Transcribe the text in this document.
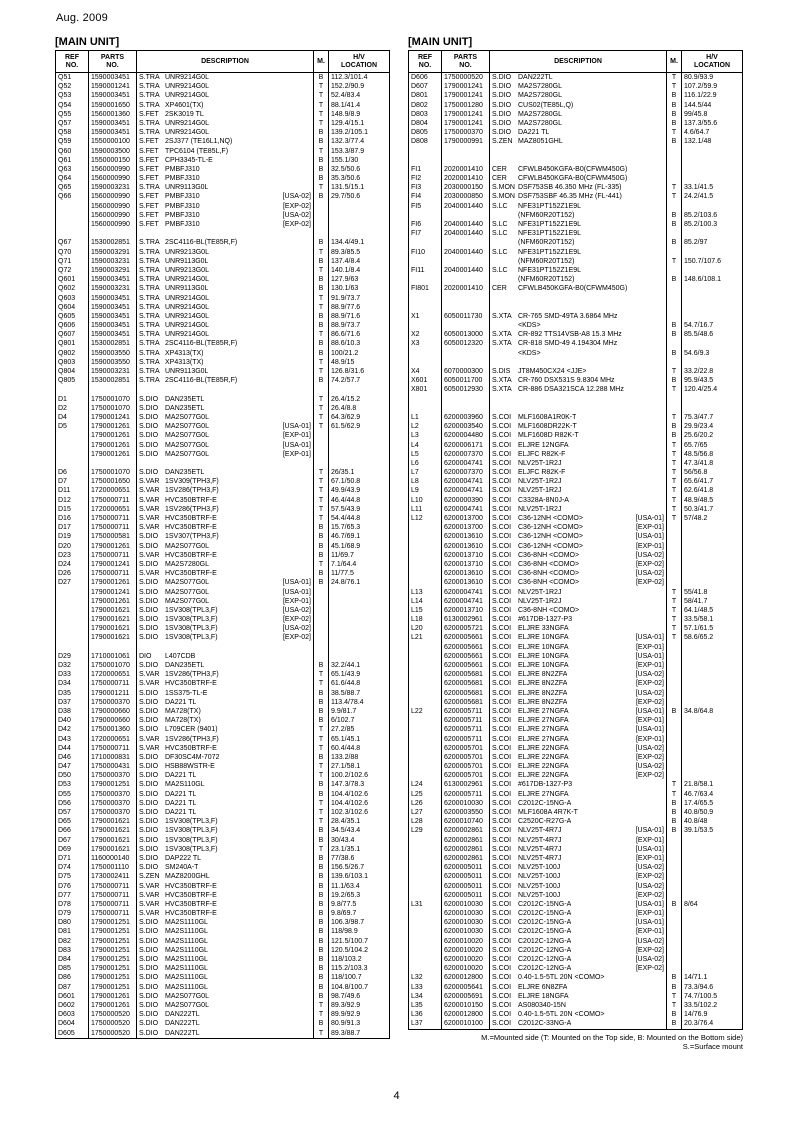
Aug. 2009
[MAIN UNIT]
REF
NO.
PARTS
NO.
DESCRIPTION	M.
H/V
LOCATION
Q51	1590003451	S.TRA UNR9214G0L	B	112.3/101.4
Q52	1590001241	S.TRA UNR9214G0L	T	152.2/90.9
Q53	1590003451	S.TRA UNR9214G0L	T	52.4/83.4
Q54	1590001650	S.TRA XP4601(TX)	T	88.1/41.4
Q55	1560001360	S.FET 2SK3019 TL	T	148.9/8.9
Q57	1590003451	S.TRA UNR9214G0L	T	129.4/15.1
Q58	1590003451	S.TRA UNR9214G0L	B	139.2/105.1
Q59	1550000100	S.FET 2SJ377 (TE16L1,NQ)	B	132.3/77.4
Q60	1590003500	S.FET TPC6104 (TE85L,F)	T	153.3/87.9
Q61	1550000150	S.FET CPH3345-TL-E	B	155.1/30
Q63	1560000990	S.FET PMBFJ310	B	32.5/50.6
Q64	1560000990	S.FET PMBFJ310	B	35.3/50.6
Q65	1590003231	S.TRA UNR9113G0L	T	131.5/15.1
Q66	1560000990	S.FET PMBFJ310	[USA-02]	B	29.7/50.6
1560000990	S.FET PMBFJ310	[EXP-02]
1560000990	S.FET PMBFJ310	[USA-02]
1560000990	S.FET PMBFJ310	[EXP-02]
Q67	1530002851	S.TRA 2SC4116-BL(TE85R,F)	B	134.4/49.1
Q70	1590003291	S.TRA UNR9213G0L	T	89.3/85.5
Q71	1590003231	S.TRA UNR9113G0L	B	137.4/8.4
Q72	1590003291	S.TRA UNR9213G0L	T	140.1/8.4
Q601	1590003451	S.TRA UNR9214G0L	B	127.9/63
Q602	1590003231	S.TRA UNR9113G0L	B	130.1/63
Q603	1590003451	S.TRA UNR9214G0L	T	91.9/73.7
Q604	1590003451	S.TRA UNR9214G0L	T	88.9/77.6
Q605	1590003451	S.TRA UNR9214G0L	B	88.9/71.6
Q606	1590003451	S.TRA UNR9214G0L	B	88.9/73.7
Q607	1590003451	S.TRA UNR9214G0L	T	86.6/71.6
Q801	1530002851	S.TRA 2SC4116-BL(TE85R,F)	B	88.6/10.3
Q802	1590003550	S.TRA XP4313(TX)	B	100/21.2
Q803	1590003550	S.TRA XP4313(TX)	T	48.9/15
Q804	1590003231	S.TRA UNR9113G0L	T	126.8/31.6
Q805	1530002851	S.TRA 2SC4116-BL(TE85R,F)	B	74.2/57.7
D1	1750001070	S.DIO DAN235ETL	T	26.4/15.2
D2	1750001070	S.DIO DAN235ETL	T	26.4/8.8
D4	1790001241	S.DIO MA2S077G0L	T	64.3/62.9
D5	1790001261	S.DIO MA2S077G0L	[USA-01]	T	61.5/62.9
1790001261	S.DIO MA2S077G0L	[EXP-01]
1790001261	S.DIO MA2S077G0L	[USA-01]
1790001261	S.DIO MA2S077G0L	[EXP-01]
D6	1750001070	S.DIO DAN235ETL	T	26/35.1
D7	1750001650	S.VAR 1SV309(TPH3,F)	T	67.1/50.8
D11	1720000651	S.VAR 1SV286(TPH3,F)	T	49.9/43.9
D12	1750000711	S.VAR HVC350BTRF-E	T	46.4/44.8
D15	1720000651	S.VAR 1SV286(TPH3,F)	T	57.5/43.9
D16	1750000711	S.VAR HVC350BTRF-E	T	54.4/44.8
D17	1750000711	S.VAR HVC350BTRF-E	B	15.7/65.3
D19	1750000581	S.DIO 1SV307(TPH3,F)	B	46.7/69.1
D20	1790001261	S.DIO MA2S077G0L	B	45.1/68.9
D23	1750000711	S.VAR HVC350BTRF-E	B	11/69.7
D24	1790001241	S.DIO MA2S7280GL	T	7.1/64.4
D26	1750000711	S.VAR HVC350BTRF-E	B	11/77.5
D27	1790001261	S.DIO MA2S077G0L	[USA-01]	B	24.8/76.1
1790001241	S.DIO MA2S077G0L	[USA-01]
1790001261	S.DIO MA2S077G0L	[EXP-01]
1790001621	S.DIO 1SV308(TPL3,F)	[USA-02]
1790001621	S.DIO 1SV308(TPL3,F)	[EXP-02]
1790001621	S.DIO 1SV308(TPL3,F)	[USA-02]
1790001621	S.DIO 1SV308(TPL3,F)	[EXP-02]
D29	1710001061	DIO	L407CDB
D32	1750001070	S.DIO DAN235ETL	B	32.2/44.1
D33	1720000651	S.VAR 1SV286(TPH3,F)	T	65.1/43.9
D34	1750000711	S.VAR HVC350BTRF-E	T	61.6/44.8
D35	1790001211	S.DIO 1SS375-TL-E	B	38.5/88.7
D37	1750000370	S.DIO DA221 TL	B	113.4/78.4
D38	1790000660	S.DIO MA728(TX)	B	9.9/81.7
D40	1790000660	S.DIO MA728(TX)	B	6/102.7
D42	1750001360	S.DIO L709CER (9401)	T	27.2/85
D43	1720000651	S.VAR 1SV286(TPH3,F)	T	65.1/45.1
D44	1750000711	S.VAR HVC350BTRF-E	T	60.4/44.8
D46	1710000831	S.DIO DF30SC4M-7072	B	133.2/88
D47	1750000431	S.DIO HSB88WSTR-E	T	27.1/58.1
D50	1750000370	S.DIO DA221 TL	T	100.2/102.6
D53	1790001251	S.DIO MA2S110GL	B	147.3/78.3
D55	1750000370	S.DIO DA221 TL	B	104.4/102.6
D56	1750000370	S.DIO DA221 TL	T	104.4/102.6
D57	1750000370	S.DIO DA221 TL	T	102.3/102.6
D65	1790001621	S.DIO 1SV308(TPL3,F)	T	28.4/35.1
D66	1790001621	S.DIO 1SV308(TPL3,F)	B	34.5/43.4
D67	1790001621	S.DIO 1SV308(TPL3,F)	B	30/43.4
D69	1790001621	S.DIO 1SV308(TPL3,F)	T	23.1/35.1
D71	1160000140	S.DIO DAP222 TL	B	77/38.6
D74	1750001110	S.DIO SM240A-T	B	156.5/26.7
D75	1730002411	S.ZEN MAZ8200GHL	B	139.6/103.1
D76	1750000711	S.VAR HVC350BTRF-E	B	11.1/63.4
D77	1750000711	S.VAR HVC350BTRF-E	B	19.2/65.3
D78	1750000711	S.VAR HVC350BTRF-E	B	9.8/77.5
D79	1750000711	S.VAR HVC350BTRF-E	B	9.8/69.7
D80	1790001251	S.DIO MA2S1110GL	B	106.3/98.7
D81	1790001251	S.DIO MA2S1110GL	B	118/98.9
D82	1790001251	S.DIO MA2S1110GL	B	121.5/100.7
D83	1790001251	S.DIO MA2S1110GL	B	120.5/104.2
D84	1790001251	S.DIO MA2S1110GL	B	118/103.2
D85	1790001251	S.DIO MA2S1110GL	B	115.2/103.3
D86	1790001251	S.DIO MA2S1110GL	B	118/100.7
D87	1790001251	S.DIO MA2S1110GL	B	104.8/100.7
D601	1790001261	S.DIO MA2S077G0L	B	98.7/49.6
D602	1790001261	S.DIO MA2S077G0L	T	89.3/92.9
D603	1750000520	S.DIO DAN222TL	T	89.9/92.9
D604	1750000520	S.DIO DAN222TL	B	80.9/91.3
D605	1750000520	S.DIO DAN222TL	T	89.3/88.7
[MAIN UNIT]
REF
NO.
PARTS
NO.
DESCRIPTION	M.
H/V
LOCATION
D606	1750000520	S.DIO DAN222TL	T	80.9/93.9
D607	1790001241	S.DIO MA2S7280GL	T	107.2/59.9
D801	1790001241	S.DIO MA2S7280GL	B	116.1/22.9
D802	1750001280	S.DIO CUS02(TE85L,Q)	B	144.5/44
D803	1790001241	S.DIO MA2S7280GL	B	99/45.8
D804	1790001241	S.DIO MA2S7280GL	B	137.3/55.6
D805	1750000370	S.DIO DA221 TL	T	4.6/64.7
D808	1790000991	S.ZEN MAZ8051GHL	B	132.1/48
FI1	2020001410	CER	CFWLB450KGFA-B0(CFWM450G)
FI2	2020001410	CER	CFWLB450KGFA-B0(CFWM450G)
FI3	2030000150	S.MON DSF753SB 46.350 MHz (FL-335)	T	33.1/41.5
FI4	2030000850	S.MON DSF753SBF 46.35 MHz (FL-441)	T	24.2/41.5
FI5	2040001440	S.LC	NFE31PT152Z1E9L
(NFM60R20T152)	B	85.2/103.6
FI6	2040001440	S.LC	NFE31PT152Z1E9L	B	85.2/100.3
FI7	2040001440	S.LC	NFE31PT152Z1E9L
(NFM60R20T152)	B	85.2/97
FI10	2040001440	S.LC	NFE31PT152Z1E9L
(NFM60R20T152)	T	150.7/107.6
FI11	2040001440	S.LC	NFE31PT152Z1E9L
(NFM60R20T152)	B	148.6/108.1
FI801	2020001410	CER	CFWLB450KGFA-B0(CFWM450G)
X1	6050011730	S.XTA CR-765 SMD-49TA 3.6864 MHz
<KDS>	B	54.7/16.7
X2	6050013000	S.XTA CR-892 TTS14VSB-A8 15.3 MHz	B	85.5/48.6
X3	6050012320	S.XTA CR-818 SMD-49 4.194304 MHz
<KDS>	B	54.6/9.3
X4	6070000300	S.DIS	JT8M450CX24 <JJE>	T	33.2/22.8
X601	6050011700	S.XTA CR-760 DSX531S 9.8304 MHz	B	95.9/43.5
X801	6050012930	S.XTA CR-886 DSA321SCA 12.288 MHz	T	120.4/25.4
L1	6200003960	S.COI MLF1608A1R0K-T	T	75.3/47.7
L2	6200003540	S.COI MLF1608DR22K-T	B	29.9/23.4
L3	6200004480	S.COI MLF1608D R82K-T	B	25.6/20.2
L4	6200006171	S.COI ELJRE 12NGFA	T	65.7/65
L5	6200007370	S.COI ELJFC R82K-F	T	48.5/56.8
L6	6200004741	S.COI NLV25T-1R2J	T	47.3/41.8
L7	6200007370	S.COI ELJFC R82K-F	T	56/56.8
L8	6200004741	S.COI NLV25T-1R2J	T	65.6/41.7
L9	6200004741	S.COI NLV25T-1R2J	T	62.6/41.8
L10	6200000390	S.COI C3328A-8N0J-A	T	48.9/48.5
L11	6200004741	S.COI NLV25T-1R2J	T	50.3/41.7
L12	6200013700	S.COI C36-12NH <COMO>	[USA-01]	T	57/48.2
6200013700	S.COI C36-12NH <COMO>	[EXP-01]
6200013610	S.COI C36-12NH <COMO>	[USA-01]
6200013610	S.COI C36-12NH <COMO>	[EXP-01]
6200013710	S.COI C36-8NH <COMO>	[USA-02]
6200013710	S.COI C36-8NH <COMO>	[EXP-02]
6200013610	S.COI C36-8NH <COMO>	[USA-02]
6200013610	S.COI C36-8NH <COMO>	[EXP-02]
L13	6200004741	S.COI NLV25T-1R2J	T	55/41.8
L14	6200004741	S.COI NLV25T-1R2J	T	58/41.7
L15	6200013710	S.COI C36-8NH <COMO>	T	64.1/48.5
L18	6130002961	S.COI #617DB-1327-P3	T	33.5/58.1
L20	6200005721	S.COI ELJRE 33NGFA	T	57.1/61.5
L21	6200005661	S.COI ELJRE 10NGFA	[USA-01]	T	58.6/65.2
6200005661	S.COI ELJRE 10NGFA	[EXP-01]
6200005661	S.COI ELJRE 10NGFA	[USA-01]
6200005661	S.COI ELJRE 10NGFA	[EXP-01]
6200005681	S.COI ELJRE 8N2ZFA	[USA-02]
6200005681	S.COI ELJRE 8N2ZFA	[EXP-02]
6200005681	S.COI ELJRE 8N2ZFA	[USA-02]
6200005681	S.COI ELJRE 8N2ZFA	[EXP-02]
L22	6200005711	S.COI ELJRE 27NGFA	[USA-01]	B	34.8/64.8
6200005711	S.COI ELJRE 27NGFA	[EXP-01]
6200005711	S.COI ELJRE 27NGFA	[USA-01]
6200005711	S.COI ELJRE 27NGFA	[EXP-01]
6200005701	S.COI ELJRE 22NGFA	[USA-02]
6200005701	S.COI ELJRE 22NGFA	[EXP-02]
6200005701	S.COI ELJRE 22NGFA	[USA-02]
6200005701	S.COI ELJRE 22NGFA	[EXP-02]
L24	6130002961	S.COI #617DB-1327-P3	T	21.8/58.1
L25	6200005711	S.COI ELJRE 27NGFA	T	46.7/63.4
L26	6200010030	S.COI C2012C-15NG-A	B	17.4/65.5
L27	6200003550	S.COI MLF1608A 4R7K-T	B	40.8/50.9
L28	6200010740	S.COI C2520C-R27G-A	B	40.8/48
L29	6200002861	S.COI NLV25T-4R7J	[USA-01]	B	39.1/53.5
6200002861	S.COI NLV25T-4R7J	[EXP-01]
6200002861	S.COI NLV25T-4R7J	[USA-01]
6200002861	S.COI NLV25T-4R7J	[EXP-01]
6200005011	S.COI NLV25T-100J	[USA-02]
6200005011	S.COI NLV25T-100J	[EXP-02]
6200005011	S.COI NLV25T-100J	[USA-02]
6200005011	S.COI NLV25T-100J	[EXP-02]
L31	6200010030	S.COI C2012C-15NG-A	[USA-01]	B	8/64
6200010030	S.COI C2012C-15NG-A	[EXP-01]
6200010030	S.COI C2012C-15NG-A	[USA-01]
6200010030	S.COI C2012C-15NG-A	[EXP-01]
6200010020	S.COI C2012C-12NG-A	[USA-02]
6200010020	S.COI C2012C-12NG-A	[EXP-02]
6200010020	S.COI C2012C-12NG-A	[USA-02]
6200010020	S.COI C2012C-12NG-A	[EXP-02]
L32	6200012800	S.COI 0.40-1.5-5TL 20N <COMO>	B	14/71.1
L33	6200005641	S.COI ELJRE 6N8ZFA	B	73.3/94.6
L34	6200005691	S.COI ELJRE 18NGFA	T	74.7/100.5
L35	6200010150	S.COI AS080340-15N	T	33.5/102.2
L36	6200012800	S.COI 0.40-1.5-5TL 20N <COMO>	B	14/76.9
L37	6200010100	S.COI C2012C-33NG-A	B	20.3/76.4
M.=Mounted side (T: Mounted on the Top side, B: Mounted on the Bottom side)
S.=Surface mount
4
